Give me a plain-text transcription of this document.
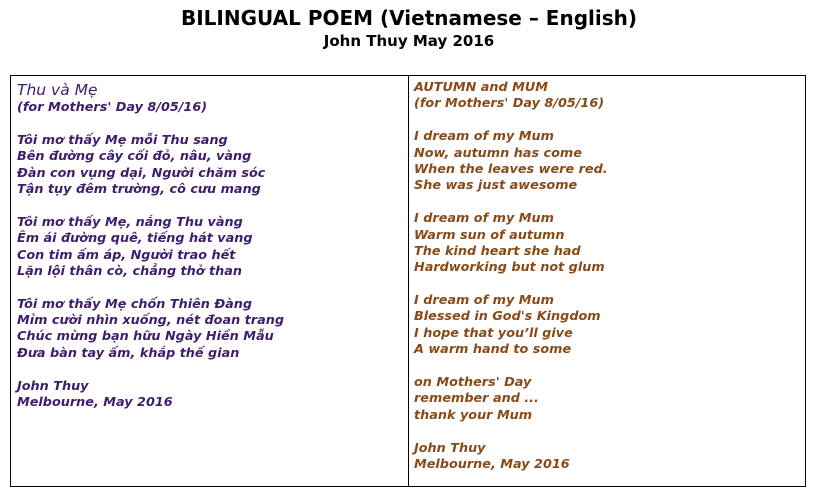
BILINGUAL POEM (Vietnamese – English)
John Thuy May 2016
Thu và Mẹ
(for Mothers' Day 8/05/16)
Tôi mơ thấy Mẹ mỗi Thu sang
Bên đường cây cối đỏ, nâu, vàng
Đàn con vụng dại, Người chăm sóc
Tận tụy đêm trường, cô cưu mang
Tôi mơ thấy Mẹ, nắng Thu vàng
Êm ái đường quê, tiếng hát vang
Con tim ấm áp, Người trao hết
Lặn lội thân cò, chẳng thở than
Tôi mơ thấy Mẹ chốn Thiên Đàng
Mỉm cười nhìn xuống, nét đoan trang
Chúc mừng bạn hữu Ngày Hiền Mẫu
Đưa bàn tay ấm, khắp thế gian
John Thuy
Melbourne, May 2016
AUTUMN and MUM
(for Mothers' Day 8/05/16)
I dream of my Mum
Now, autumn has come
When the leaves were red.
She was just awesome
I dream of my Mum
Warm sun of autumn
The kind heart she had
Hardworking but not glum
I dream of my Mum
Blessed in God's Kingdom
I hope that you’ll give
A warm hand to some
on Mothers' Day
remember and ...
thank your Mum
John Thuy
Melbourne, May 2016
